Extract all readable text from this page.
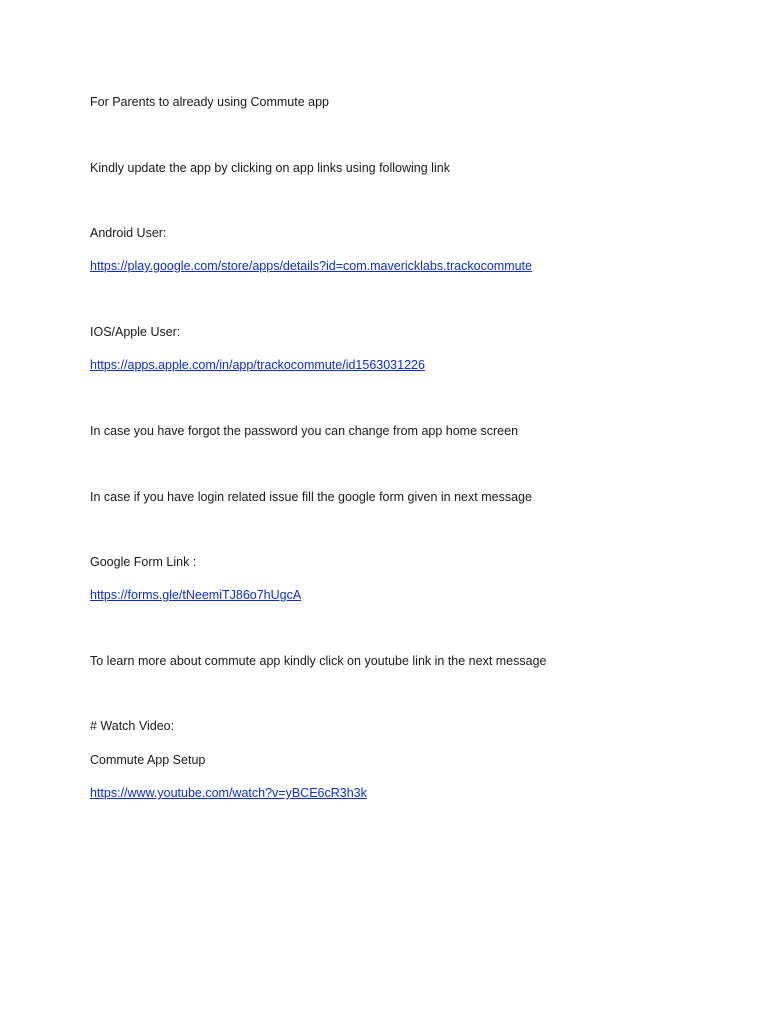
For Parents to already using Commute app
Kindly update the app by clicking on app links using following link
Android User:
https://play.google.com/store/apps/details?id=com.mavericklabs.trackocommute
IOS/Apple User:
https://apps.apple.com/in/app/trackocommute/id1563031226
In case you have forgot the password you can change from app home screen
In case if you have login related issue fill the google form given in next message
Google Form Link :
https://forms.gle/tNeemiTJ86o7hUgcA
To learn more about commute app kindly click on youtube link in the next message
# Watch Video:
Commute App Setup
https://www.youtube.com/watch?v=yBCE6cR3h3k
